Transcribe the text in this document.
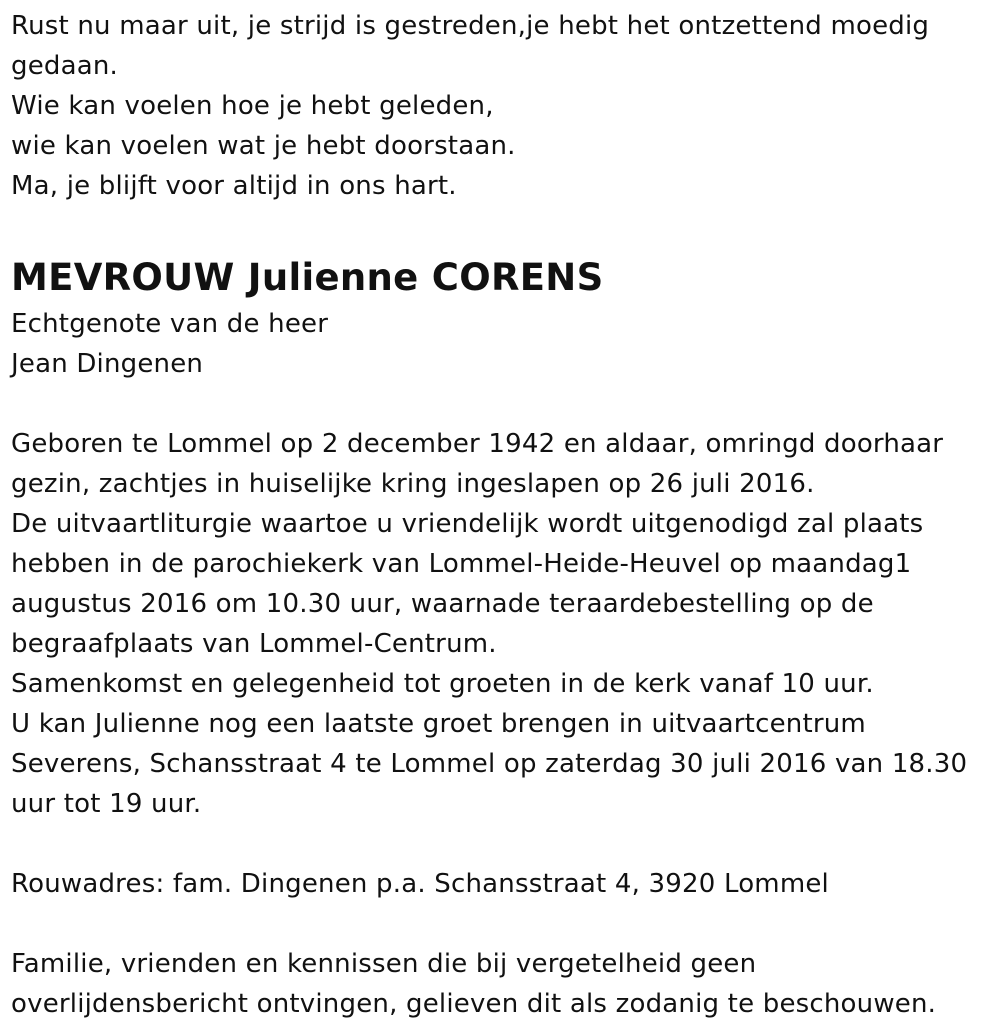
Rust nu maar uit, je strijd is gestreden,je hebt het ontzettend moedig
gedaan.
Wie kan voelen hoe je hebt geleden,
wie kan voelen wat je hebt doorstaan.
Ma, je blijft voor altijd in ons hart.
MEVROUW Julienne CORENS
Echtgenote van de heer
Jean Dingenen
Geboren te Lommel op 2 december 1942 en aldaar, omringd doorhaar
gezin, zachtjes in huiselijke kring ingeslapen op 26 juli 2016.
De uitvaartliturgie waartoe u vriendelijk wordt uitgenodigd zal plaats
hebben in de parochiekerk van Lommel-Heide-Heuvel op maandag1
augustus 2016 om 10.30 uur, waarnade teraardebestelling op de
begraafplaats van Lommel-Centrum.
Samenkomst en gelegenheid tot groeten in de kerk vanaf 10 uur.
U kan Julienne nog een laatste groet brengen in uitvaartcentrum
Severens, Schansstraat 4 te Lommel op zaterdag 30 juli 2016 van 18.30
uur tot 19 uur.
Rouwadres: fam. Dingenen p.a. Schansstraat 4, 3920 Lommel
Familie, vrienden en kennissen die bij vergetelheid geen
overlijdensbericht ontvingen, gelieven dit als zodanig te beschouwen.
